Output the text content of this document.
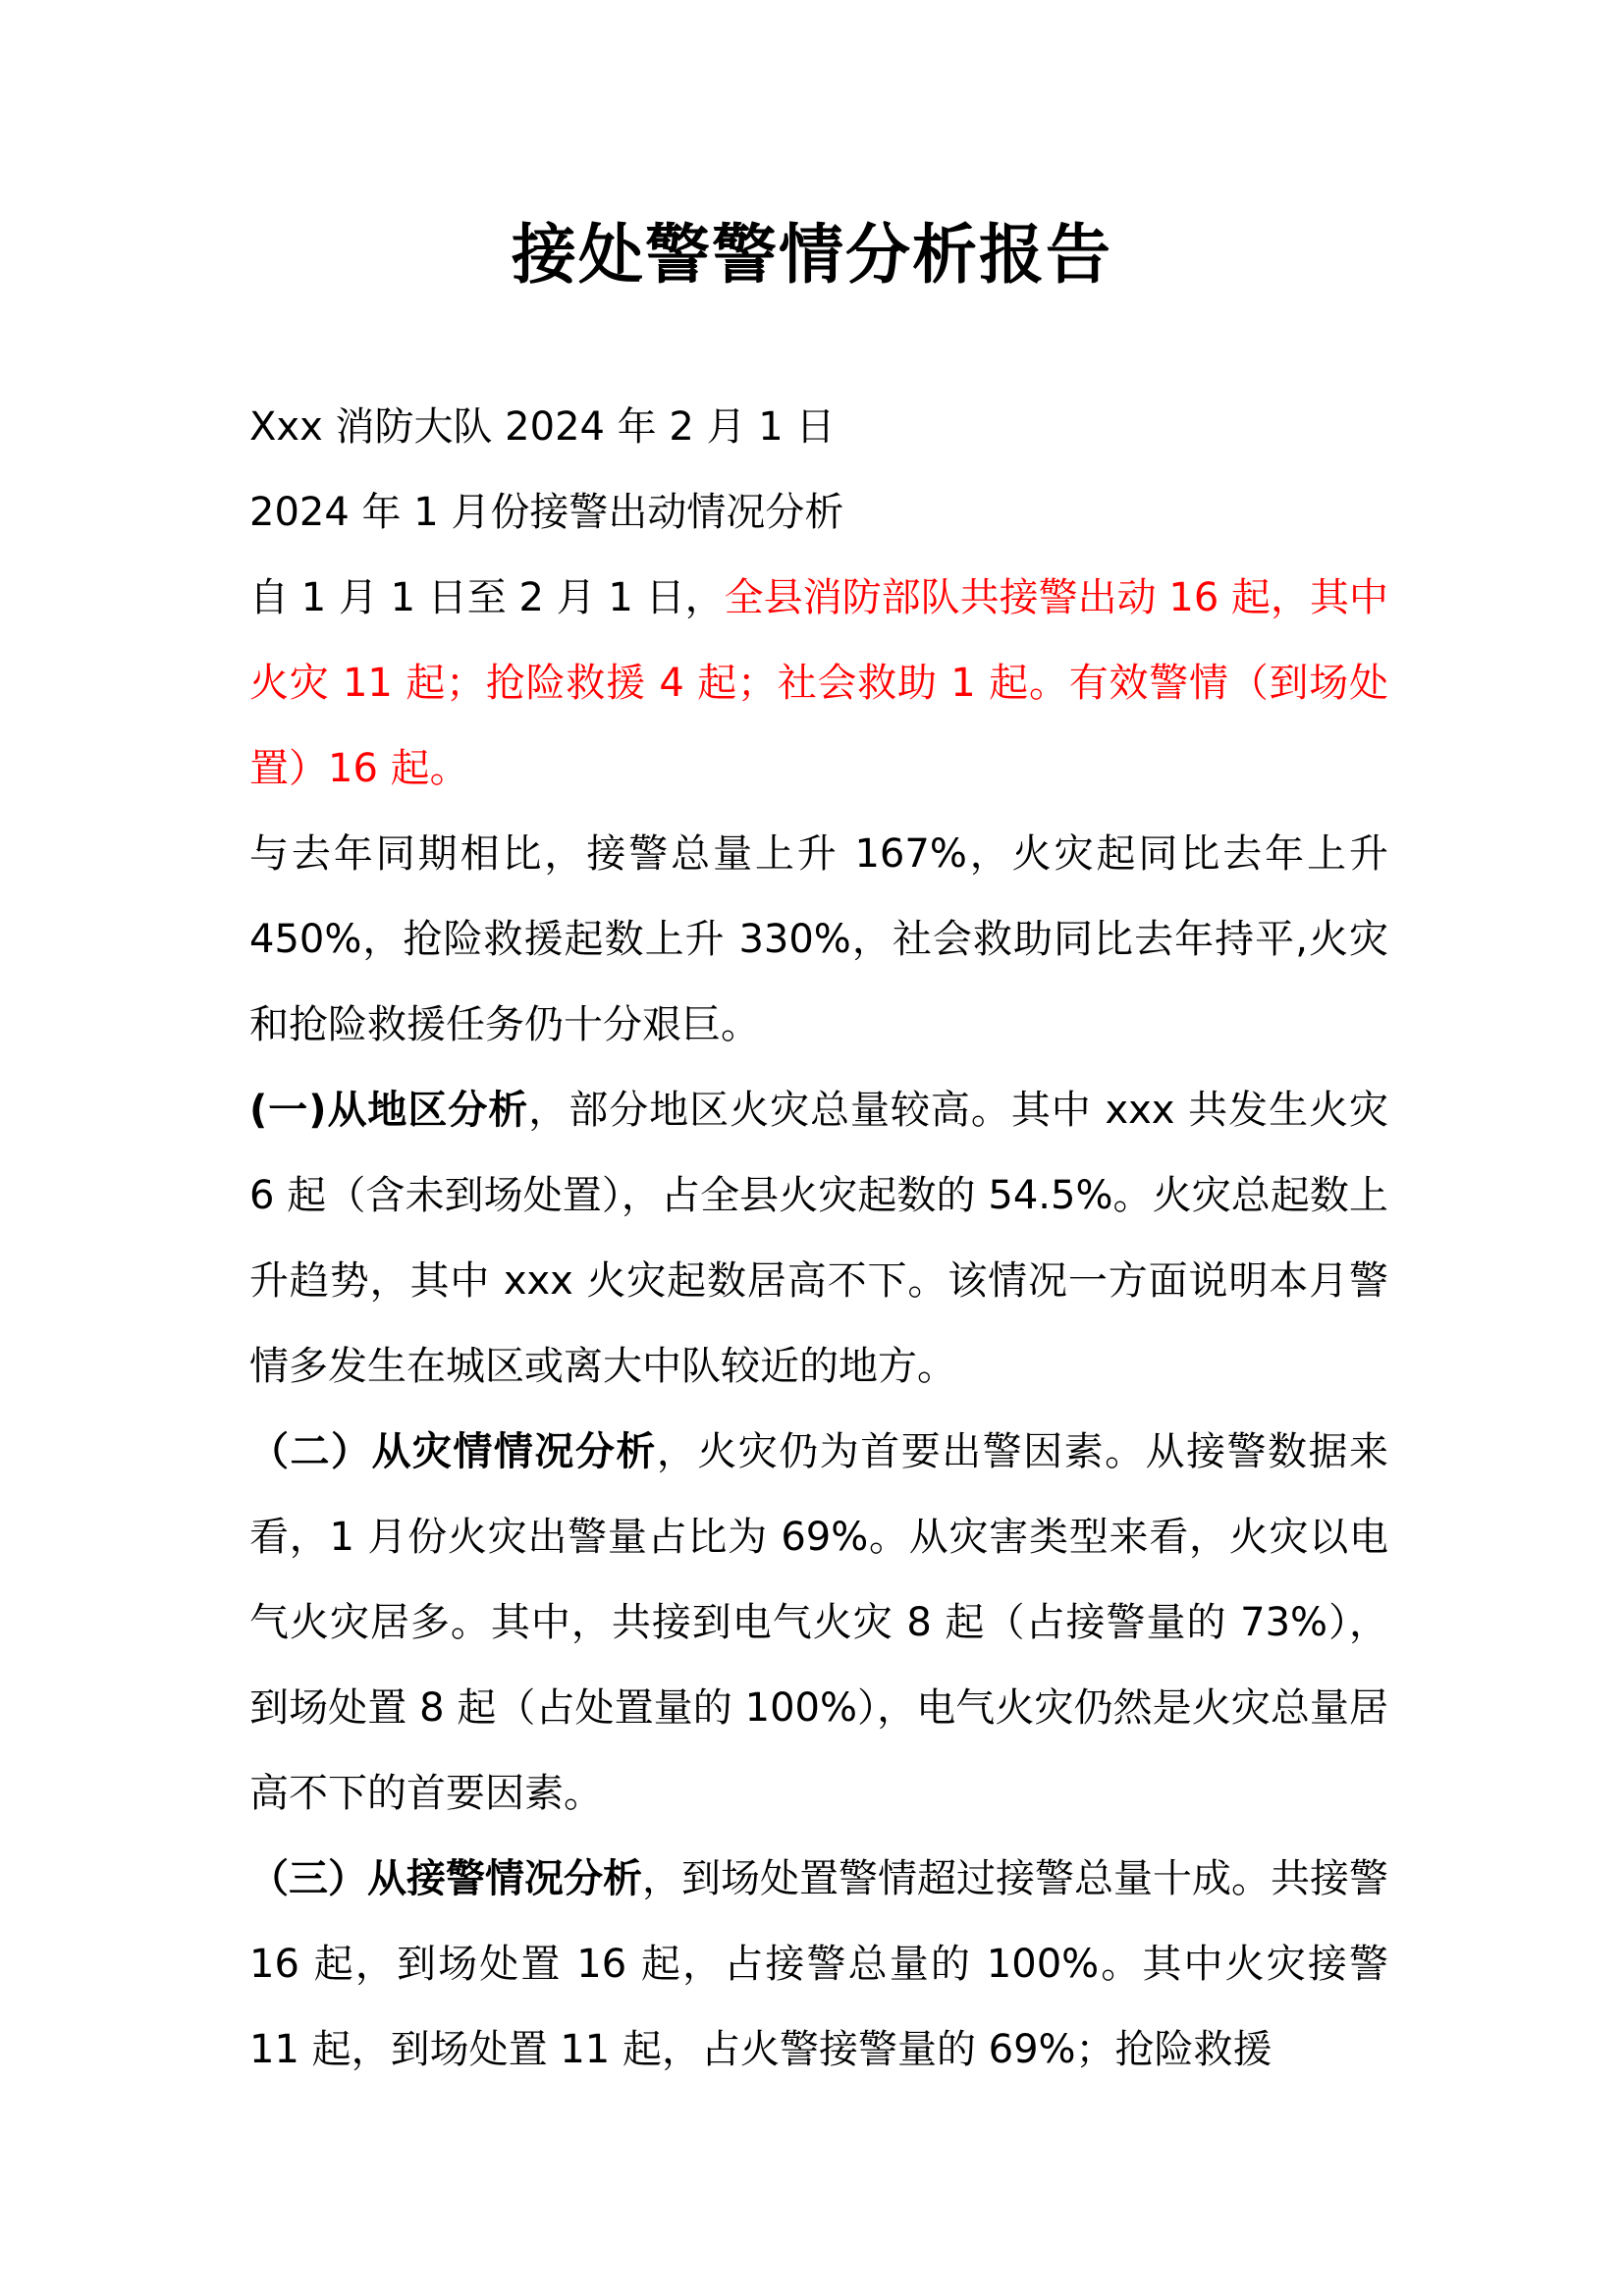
接处警警情分析报告

Xxx 消防大队 2024 年 2 月 1 日

2024 年 1 月份接警出动情况分析

自 1 月 1 日至 2 月 1 日，全县消防部队共接警出动 16 起，其中火灾 11 起；抢险救援 4 起；社会救助 1 起。有效警情（到场处置）16 起。

与去年同期相比，接警总量上升 167%，火灾起同比去年上升 450%，抢险救援起数上升 330%，社会救助同比去年持平,火灾和抢险救援任务仍十分艰巨。

(一)从地区分析，部分地区火灾总量较高。其中 xxx 共发生火灾 6 起（含未到场处置），占全县火灾起数的 54.5%。火灾总起数上升趋势，其中 xxx 火灾起数居高不下。该情况一方面说明本月警情多发生在城区或离大中队较近的地方。

（二）从灾情情况分析，火灾仍为首要出警因素。从接警数据来看，1 月份火灾出警量占比为 69%。从灾害类型来看，火灾以电气火灾居多。其中，共接到电气火灾 8 起（占接警量的 73%），到场处置 8 起（占处置量的 100%），电气火灾仍然是火灾总量居高不下的首要因素。

（三）从接警情况分析，到场处置警情超过接警总量十成。共接警 16 起，到场处置 16 起，占接警总量的 100%。其中火灾接警 11 起，到场处置 11 起，占火警接警量的 69%；抢险救援
